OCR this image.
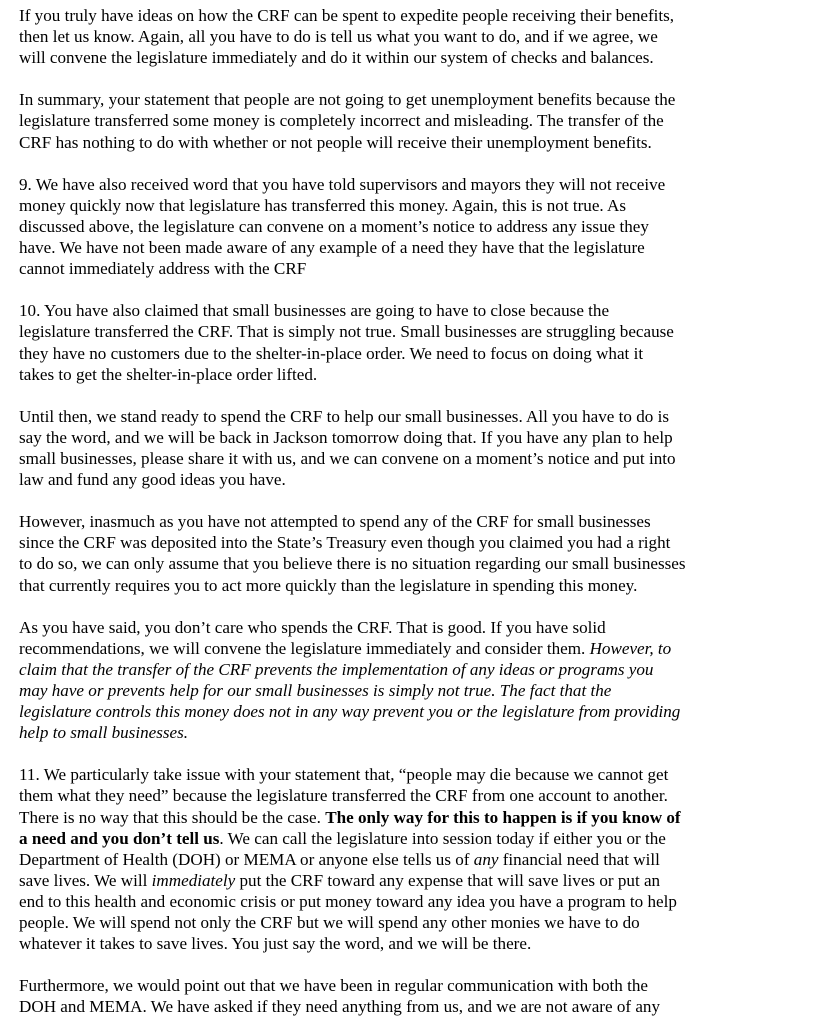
If you truly have ideas on how the CRF can be spent to expedite people receiving their benefits,
then let us know. Again, all you have to do is tell us what you want to do, and if we agree, we
will convene the legislature immediately and do it within our system of checks and balances.

In summary, your statement that people are not going to get unemployment benefits because the
legislature transferred some money is completely incorrect and misleading. The transfer of the
CRF has nothing to do with whether or not people will receive their unemployment benefits.

9. We have also received word that you have told supervisors and mayors they will not receive
money quickly now that legislature has transferred this money. Again, this is not true. As
discussed above, the legislature can convene on a moment’s notice to address any issue they
have. We have not been made aware of any example of a need they have that the legislature
cannot immediately address with the CRF

10. You have also claimed that small businesses are going to have to close because the
legislature transferred the CRF. That is simply not true. Small businesses are struggling because
they have no customers due to the shelter-in-place order. We need to focus on doing what it
takes to get the shelter-in-place order lifted.

Until then, we stand ready to spend the CRF to help our small businesses. All you have to do is
say the word, and we will be back in Jackson tomorrow doing that. If you have any plan to help
small businesses, please share it with us, and we can convene on a moment’s notice and put into
law and fund any good ideas you have.

However, inasmuch as you have not attempted to spend any of the CRF for small businesses
since the CRF was deposited into the State’s Treasury even though you claimed you had a right
to do so, we can only assume that you believe there is no situation regarding our small businesses
that currently requires you to act more quickly than the legislature in spending this money.

As you have said, you don’t care who spends the CRF. That is good. If you have solid
recommendations, we will convene the legislature immediately and consider them. However, to
claim that the transfer of the CRF prevents the implementation of any ideas or programs you
may have or prevents help for our small businesses is simply not true. The fact that the
legislature controls this money does not in any way prevent you or the legislature from providing
help to small businesses.

11. We particularly take issue with your statement that, “people may die because we cannot get
them what they need” because the legislature transferred the CRF from one account to another.
There is no way that this should be the case. The only way for this to happen is if you know of
a need and you don’t tell us. We can call the legislature into session today if either you or the
Department of Health (DOH) or MEMA or anyone else tells us of any financial need that will
save lives. We will immediately put the CRF toward any expense that will save lives or put an
end to this health and economic crisis or put money toward any idea you have a program to help
people. We will spend not only the CRF but we will spend any other monies we have to do
whatever it takes to save lives. You just say the word, and we will be there.

Furthermore, we would point out that we have been in regular communication with both the
DOH and MEMA. We have asked if they need anything from us, and we are not aware of any
